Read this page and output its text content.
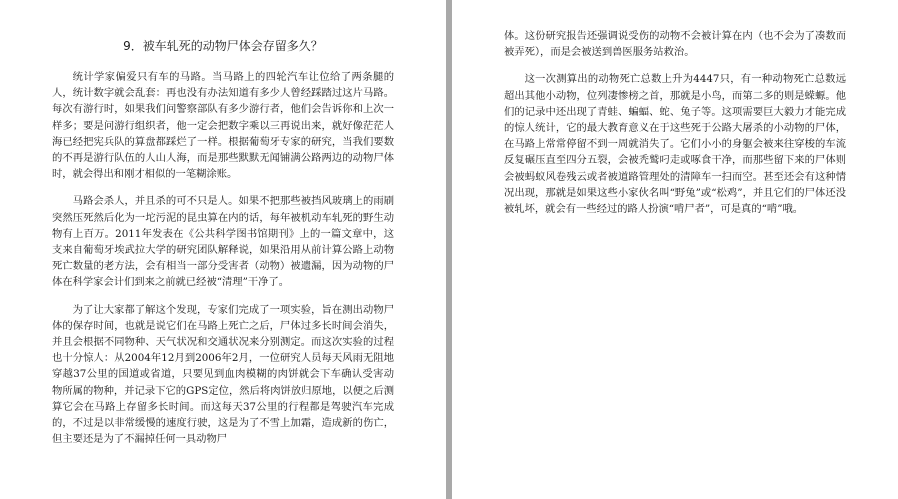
9．被车轧死的动物尸体会存留多久？

统计学家偏爱只有车的马路。当马路上的四轮汽车让位给了两条腿的人，统计数字就会乱套：再也没有办法知道有多少人曾经踩踏过这片马路。每次有游行时，如果我们问警察部队有多少游行者，他们会告诉你和上次一样多；要是问游行组织者，他一定会把数字乘以三再说出来，就好像茫茫人海已经把宪兵队的算盘都踩烂了一样。根据葡萄牙专家的研究，当我们要数的不再是游行队伍的人山人海，而是那些默默无闻铺满公路两边的动物尸体时，就会得出和刚才相似的一笔糊涂账。

马路会杀人，并且杀的可不只是人。如果不把那些被挡风玻璃上的雨刷突然压死然后化为一坨污泥的昆虫算在内的话，每年被机动车轧死的野生动物有上百万。2011年发表在《公共科学图书馆期刊》上的一篇文章中，这支来自葡萄牙埃武拉大学的研究团队解释说，如果沿用从前计算公路上动物死亡数量的老方法，会有相当一部分受害者（动物）被遗漏，因为动物的尸体在科学家会计们到来之前就已经被“清理”干净了。

为了让大家都了解这个发现，专家们完成了一项实验，旨在测出动物尸体的保存时间，也就是说它们在马路上死亡之后，尸体过多长时间会消失，并且会根据不同物种、天气状况和交通状况来分别测定。而这次实验的过程也十分惊人：从2004年12月到2006年2月，一位研究人员每天风雨无阻地穿越37公里的国道或省道，只要见到血肉模糊的肉饼就会下车确认受害动物所属的物种，并记录下它的GPS定位，然后将肉饼放归原地，以便之后测算它会在马路上存留多长时间。而这每天37公里的行程都是驾驶汽车完成的，不过是以非常缓慢的速度行驶，这是为了不雪上加霜，造成新的伤亡，但主要还是为了不漏掉任何一具动物尸

体。这份研究报告还强调说受伤的动物不会被计算在内（也不会为了凑数而被弄死），而是会被送到兽医服务站救治。

这一次测算出的动物死亡总数上升为4447只，有一种动物死亡总数远超出其他小动物，位列凄惨榜之首，那就是小鸟，而第二多的则是蝾螈。他们的记录中还出现了青蛙、蝙蝠、蛇、兔子等。这项需要巨大毅力才能完成的惊人统计，它的最大教育意义在于这些死于公路大屠杀的小动物的尸体，在马路上常常停留不到一周就消失了。它们小小的身躯会被来往穿梭的车流反复碾压直至四分五裂，会被秃鹫叼走或啄食干净，而那些留下来的尸体则会被蚂蚁风卷残云或者被道路管理处的清障车一扫而空。甚至还会有这种情况出现，那就是如果这些小家伙名叫“野兔”或“松鸡”，并且它们的尸体还没被轧坏，就会有一些经过的路人扮演“啃尸者”，可是真的“啃”哦。
